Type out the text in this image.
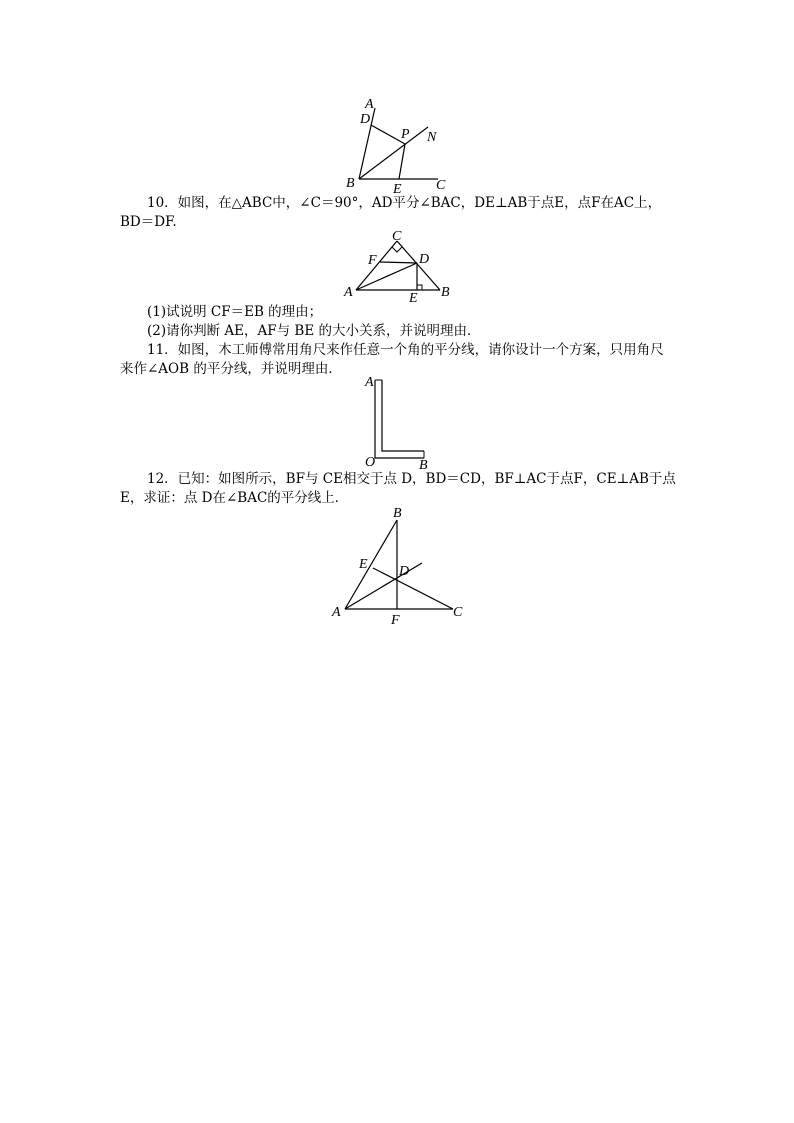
A
D
P N
B	E C

10．如图，在△ABC中，∠C＝90°，AD平分∠BAC，DE⊥AB于点E，点F在AC上，BD＝DF.

C
F	D
A	E B

(1)试说明 CF＝EB 的理由；

(2)请你判断 AE，AF与 BE 的大小关系，并说明理由．

11．如图，木工师傅常用角尺来作任意一个角的平分线，请你设计一个方案，只用角尺来作∠AOB 的平分线，并说明理由．

A
O	B

12．已知：如图所示，BF与 CE相交于点 D，BD＝CD，BF⊥AC于点F，CE⊥AB于点 E，求证：点 D在∠BAC的平分线上．

B
E D
A
F
C
